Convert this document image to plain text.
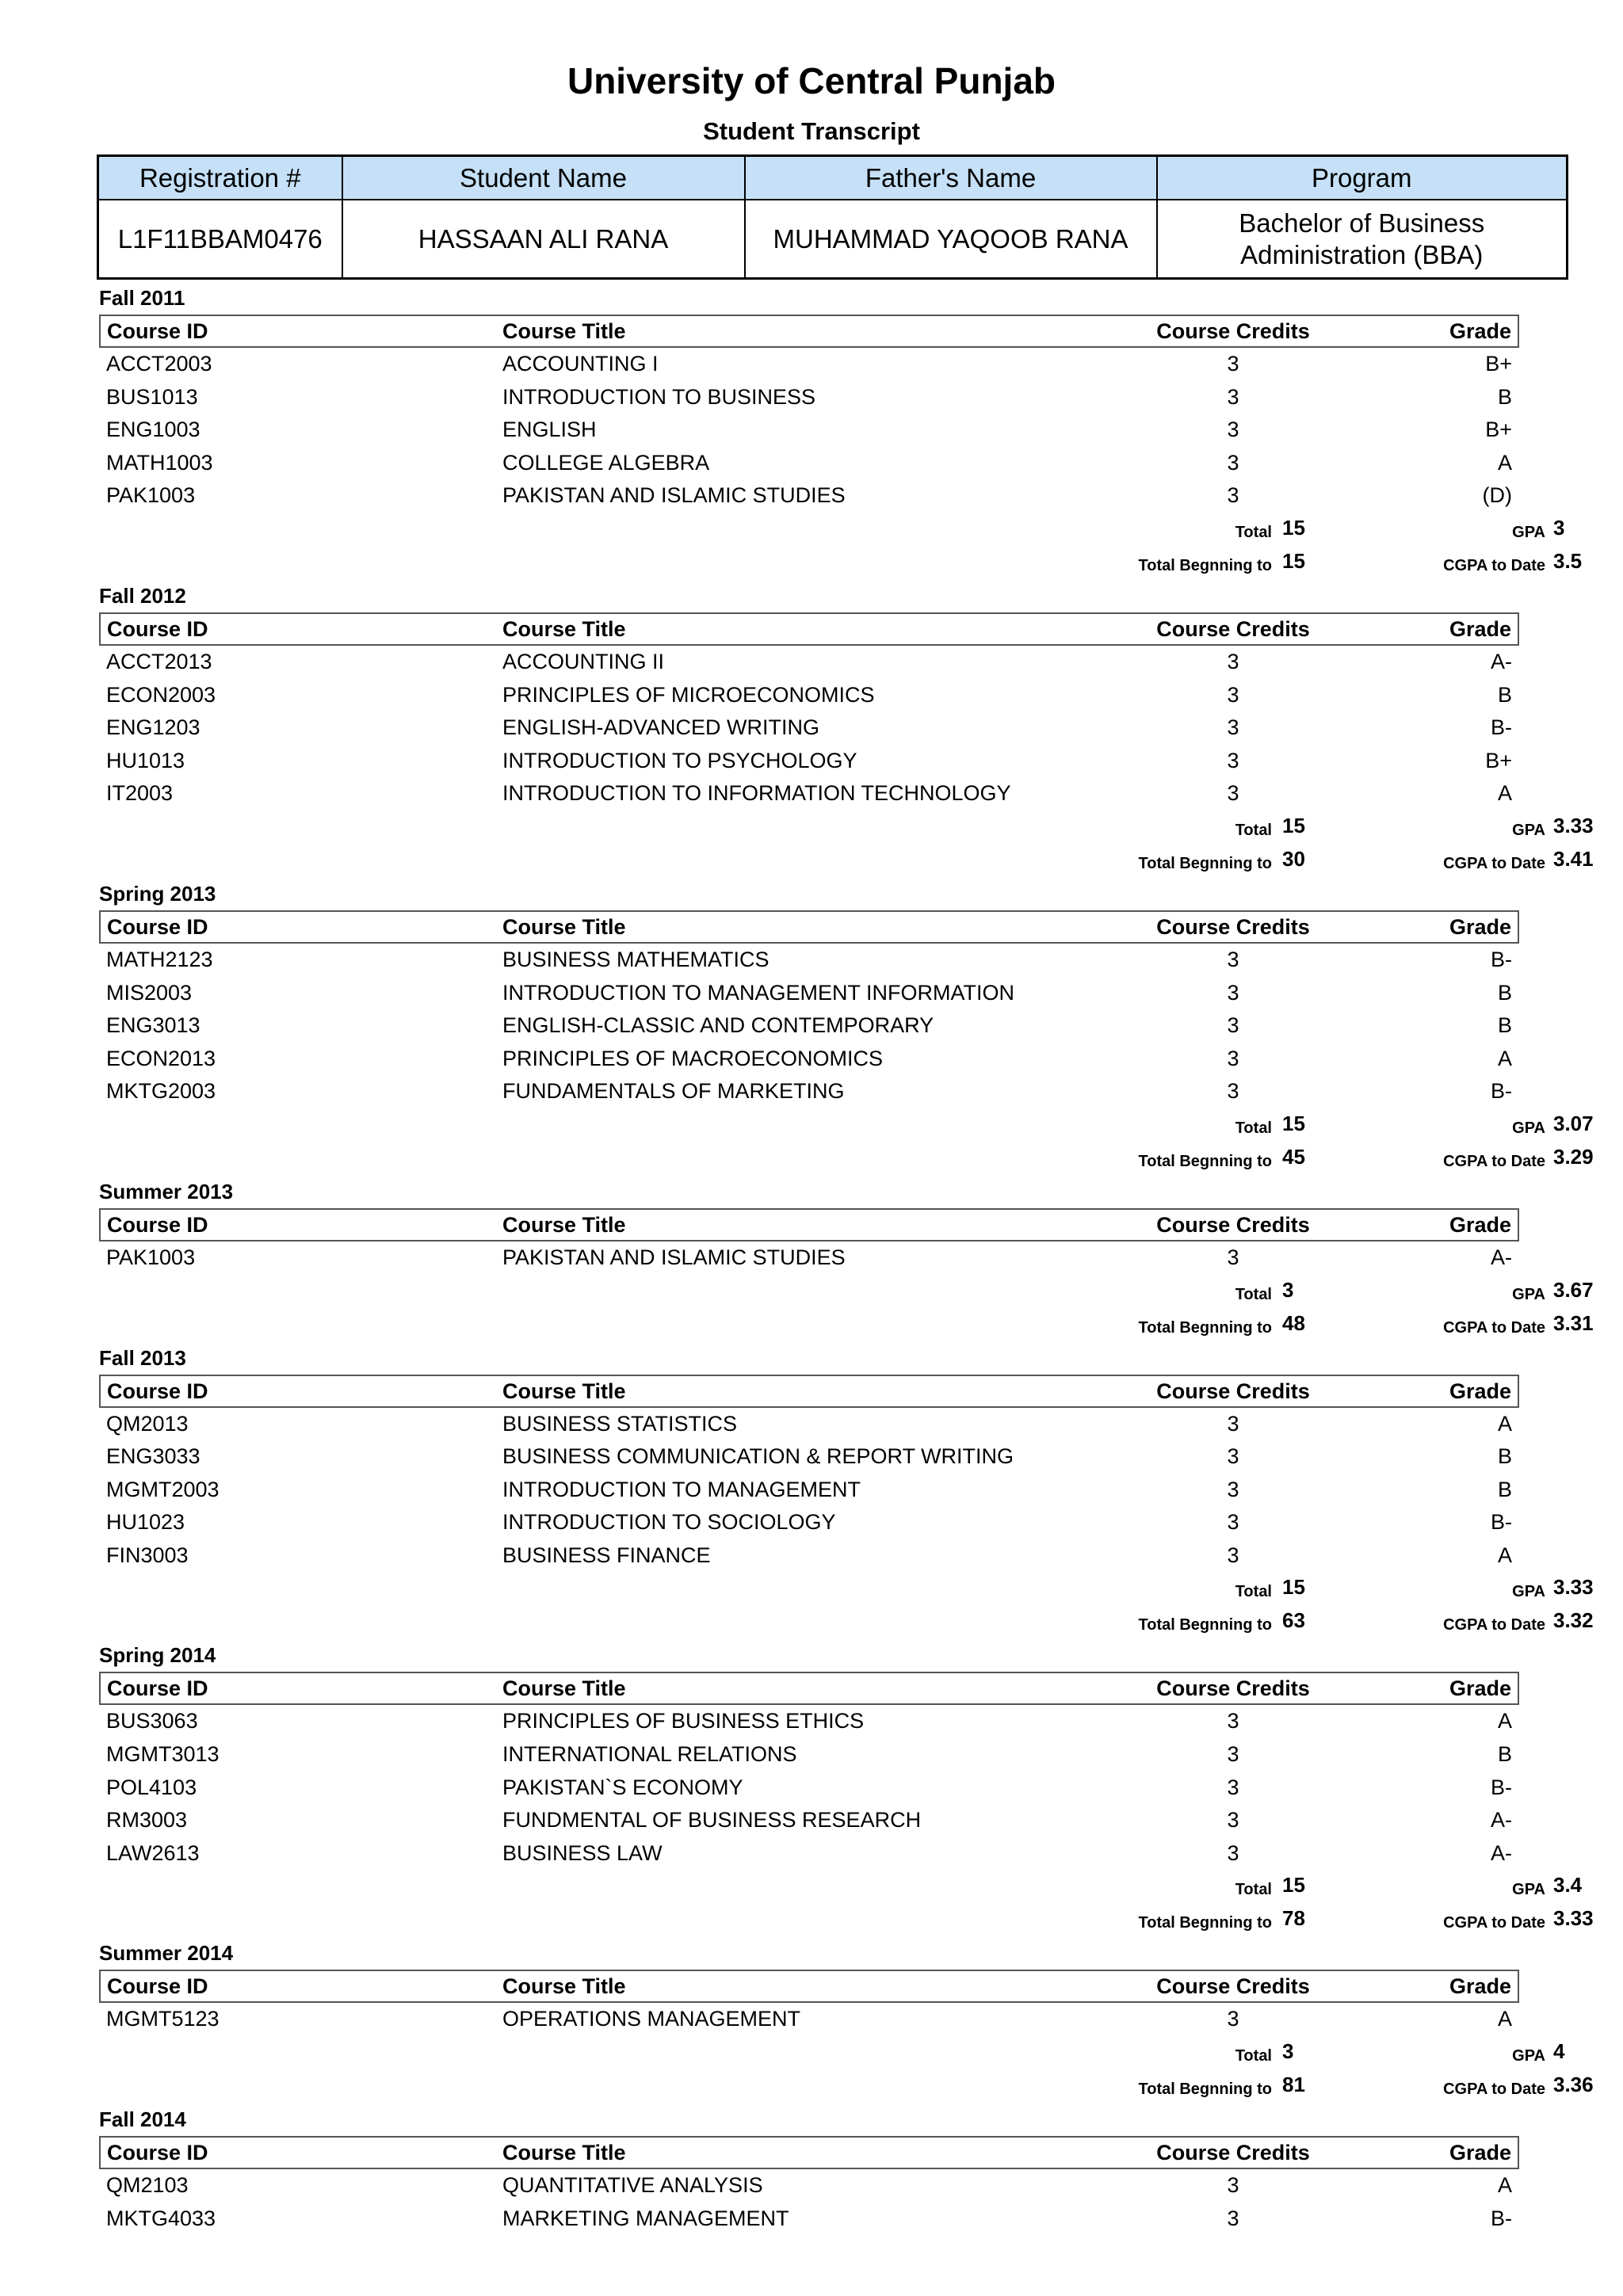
University of Central Punjab
Student Transcript
Registration #	Student Name	Father's Name	Program
L1F11BBAM0476	HASSAAN ALI RANA	MUHAMMAD YAQOOB RANA	Bachelor of Business Administration (BBA)
Fall 2011
Course ID	Course Title	Course Credits	Grade
ACCT2003	ACCOUNTING I	3	B+
BUS1013	INTRODUCTION TO BUSINESS	3	B
ENG1003	ENGLISH	3	B+
MATH1003	COLLEGE ALGEBRA	3	A
PAK1003	PAKISTAN AND ISLAMIC STUDIES	3	(D)
Total 15	GPA 3
Total Begnning to 15	CGPA to Date 3.5
Fall 2012
Course ID	Course Title	Course Credits	Grade
ACCT2013	ACCOUNTING II	3	A-
ECON2003	PRINCIPLES OF MICROECONOMICS	3	B
ENG1203	ENGLISH-ADVANCED WRITING	3	B-
HU1013	INTRODUCTION TO PSYCHOLOGY	3	B+
IT2003	INTRODUCTION TO INFORMATION TECHNOLOGY	3	A
Total 15	GPA 3.33
Total Begnning to 30	CGPA to Date 3.41
Spring 2013
Course ID	Course Title	Course Credits	Grade
MATH2123	BUSINESS MATHEMATICS	3	B-
MIS2003	INTRODUCTION TO MANAGEMENT INFORMATION	3	B
ENG3013	ENGLISH-CLASSIC AND CONTEMPORARY	3	B
ECON2013	PRINCIPLES OF MACROECONOMICS	3	A
MKTG2003	FUNDAMENTALS OF MARKETING	3	B-
Total 15	GPA 3.07
Total Begnning to 45	CGPA to Date 3.29
Summer 2013
Course ID	Course Title	Course Credits	Grade
PAK1003	PAKISTAN AND ISLAMIC STUDIES	3	A-
Total 3	GPA 3.67
Total Begnning to 48	CGPA to Date 3.31
Fall 2013
Course ID	Course Title	Course Credits	Grade
QM2013	BUSINESS STATISTICS	3	A
ENG3033	BUSINESS COMMUNICATION & REPORT WRITING	3	B
MGMT2003	INTRODUCTION TO MANAGEMENT	3	B
HU1023	INTRODUCTION TO SOCIOLOGY	3	B-
FIN3003	BUSINESS FINANCE	3	A
Total 15	GPA 3.33
Total Begnning to 63	CGPA to Date 3.32
Spring 2014
Course ID	Course Title	Course Credits	Grade
BUS3063	PRINCIPLES OF BUSINESS ETHICS	3	A
MGMT3013	INTERNATIONAL RELATIONS	3	B
POL4103	PAKISTAN`S ECONOMY	3	B-
RM3003	FUNDMENTAL OF BUSINESS RESEARCH	3	A-
LAW2613	BUSINESS LAW	3	A-
Total 15	GPA 3.4
Total Begnning to 78	CGPA to Date 3.33
Summer 2014
Course ID	Course Title	Course Credits	Grade
MGMT5123	OPERATIONS MANAGEMENT	3	A
Total 3	GPA 4
Total Begnning to 81	CGPA to Date 3.36
Fall 2014
Course ID	Course Title	Course Credits	Grade
QM2103	QUANTITATIVE ANALYSIS	3	A
MKTG4033	MARKETING MANAGEMENT	3	B-
